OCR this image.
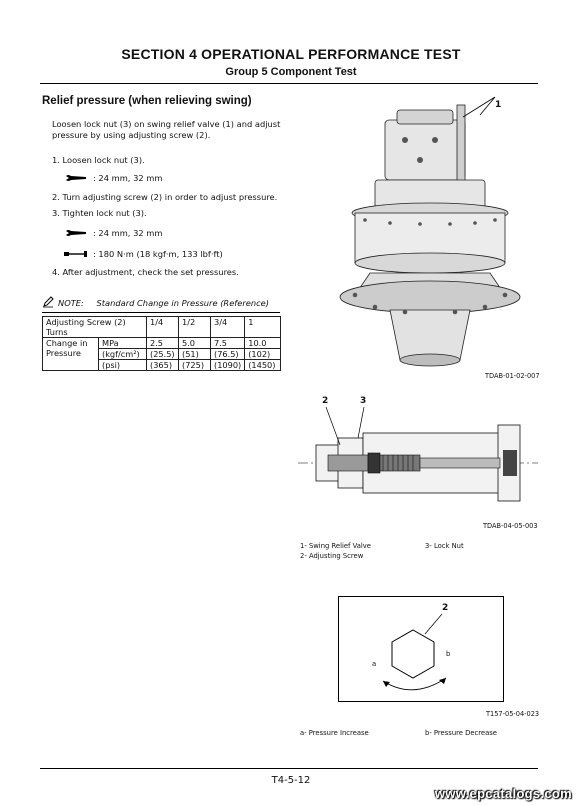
SECTION 4 OPERATIONAL PERFORMANCE TEST
Group 5 Component Test
Relief pressure (when relieving swing)
Loosen lock nut (3) on swing relief valve (1) and adjust
pressure by using adjusting screw (2).
1. Loosen lock nut (3).
: 24 mm, 32 mm
2. Turn adjusting screw (2) in order to adjust pressure.
3. Tighten lock nut (3).
: 24 mm, 32 mm
: 180 N·m (18 kgf·m, 133 lbf·ft)
4. After adjustment, check the set pressures.
NOTE: Standard Change in Pressure (Reference)
Adjusting Screw (2)
Turns		1/4	1/2	3/4	1
Change in
Pressure	MPa	2.5	5.0	7.5	10.0
	(kgf/cm²)	(25.5)	(51)	(76.5)	(102)
	(psi)	(365)	(725)	(1090)	(1450)
1
TDAB-01-02-007
2	3
TDAB-04-05-003
1- Swing Relief Valve
2- Adjusting Screw
3- Lock Nut
2
a
b
T157-05-04-023
a- Pressure Increase	b- Pressure Decrease
T4-5-12
www.epcatalogs.com
